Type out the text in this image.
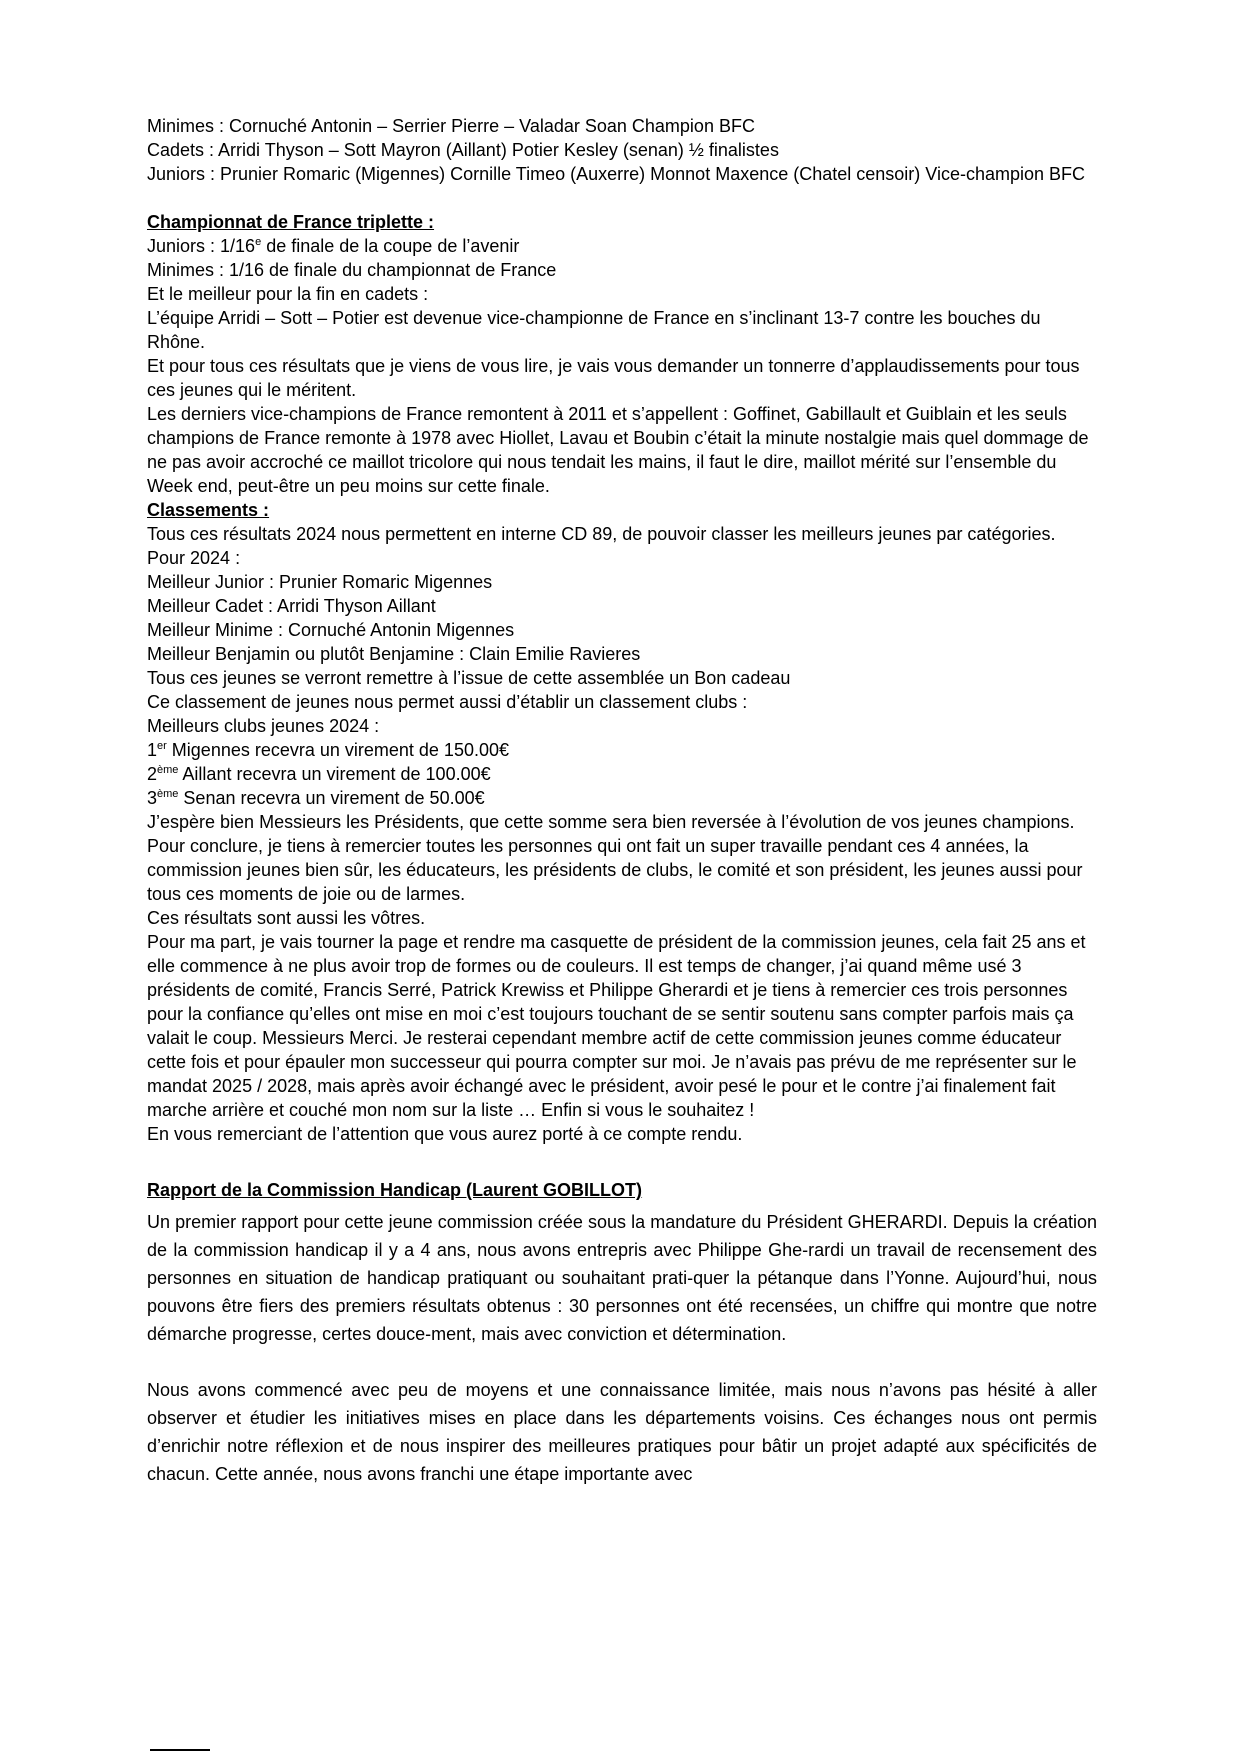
Minimes : Cornuché Antonin – Serrier Pierre – Valadar Soan Champion BFC

Cadets : Arridi Thyson – Sott Mayron (Aillant) Potier Kesley (senan) ½ finalistes

Juniors : Prunier Romaric (Migennes) Cornille Timeo (Auxerre) Monnot Maxence (Chatel censoir) Vice-champion BFC

Championnat de France triplette :

Juniors : 1/16e de finale de la coupe de l’avenir

Minimes : 1/16 de finale du championnat de France

Et le meilleur pour la fin en cadets :

L’équipe Arridi – Sott – Potier est devenue vice-championne de France en s’inclinant 13-7 contre les bouches du Rhône.

Et pour tous ces résultats que je viens de vous lire, je vais vous demander un tonnerre d’applaudissements pour tous ces jeunes qui le méritent.

Les derniers vice-champions de France remontent à 2011 et s’appellent : Goffinet, Gabillault et Guiblain et les seuls champions de France remonte à 1978 avec Hiollet, Lavau et Boubin c’était la minute nostalgie mais quel dommage de ne pas avoir accroché ce maillot tricolore qui nous tendait les mains, il faut le dire, maillot mérité sur l’ensemble du Week end, peut-être un peu moins sur cette finale.

Classements :

Tous ces résultats 2024 nous permettent en interne CD 89, de pouvoir classer les meilleurs jeunes par catégories.

Pour 2024 :

Meilleur Junior : Prunier Romaric Migennes

Meilleur Cadet : Arridi Thyson Aillant

Meilleur Minime : Cornuché Antonin Migennes

Meilleur Benjamin ou plutôt Benjamine : Clain Emilie Ravieres

Tous ces jeunes se verront remettre à l’issue de cette assemblée un Bon cadeau

Ce classement de jeunes nous permet aussi d’établir un classement clubs :

Meilleurs clubs jeunes 2024 :

1er Migennes recevra un virement de 150.00€

2ème Aillant recevra un virement de 100.00€

3ème Senan recevra un virement de 50.00€

J’espère bien Messieurs les Présidents, que cette somme sera bien reversée à l’évolution de vos jeunes champions.

Pour conclure, je tiens à remercier toutes les personnes qui ont fait un super travaille pendant ces 4 années, la commission jeunes bien sûr, les éducateurs, les présidents de clubs, le comité et son président, les jeunes aussi pour tous ces moments de joie ou de larmes.

Ces résultats sont aussi les vôtres.

Pour ma part, je vais tourner la page et rendre ma casquette de président de la commission jeunes, cela fait 25 ans et elle commence à ne plus avoir trop de formes ou de couleurs. Il est temps de changer, j’ai quand même usé 3 présidents de comité, Francis Serré, Patrick Krewiss et Philippe Gherardi et je tiens à remercier ces trois personnes pour la confiance qu’elles ont mise en moi c’est toujours touchant de se sentir soutenu sans compter parfois mais ça valait le coup. Messieurs Merci. Je resterai cependant membre actif de cette commission jeunes comme éducateur cette fois et pour épauler mon successeur qui pourra compter sur moi. Je n’avais pas prévu de me représenter sur le mandat 2025 / 2028, mais après avoir échangé avec le président, avoir pesé le pour et le contre j’ai finalement fait marche arrière et couché mon nom sur la liste … Enfin si vous le souhaitez !

En vous remerciant de l’attention que vous aurez porté à ce compte rendu.

Rapport de la Commission Handicap (Laurent GOBILLOT)

Un premier rapport pour cette jeune commission créée sous la mandature du Président GHERARDI. Depuis la création de la commission handicap il y a 4 ans, nous avons entrepris avec Philippe Ghe-rardi un travail de recensement des personnes en situation de handicap pratiquant ou souhaitant prati-quer la pétanque dans l’Yonne. Aujourd’hui, nous pouvons être fiers des premiers résultats obtenus : 30 personnes ont été recensées, un chiffre qui montre que notre démarche progresse, certes douce-ment, mais avec conviction et détermination.

Nous avons commencé avec peu de moyens et une connaissance limitée, mais nous n’avons pas hésité à aller observer et étudier les initiatives mises en place dans les départements voisins. Ces échanges nous ont permis d’enrichir notre réflexion et de nous inspirer des meilleures pratiques pour bâtir un projet adapté aux spécificités de chacun. Cette année, nous avons franchi une étape importante avec
